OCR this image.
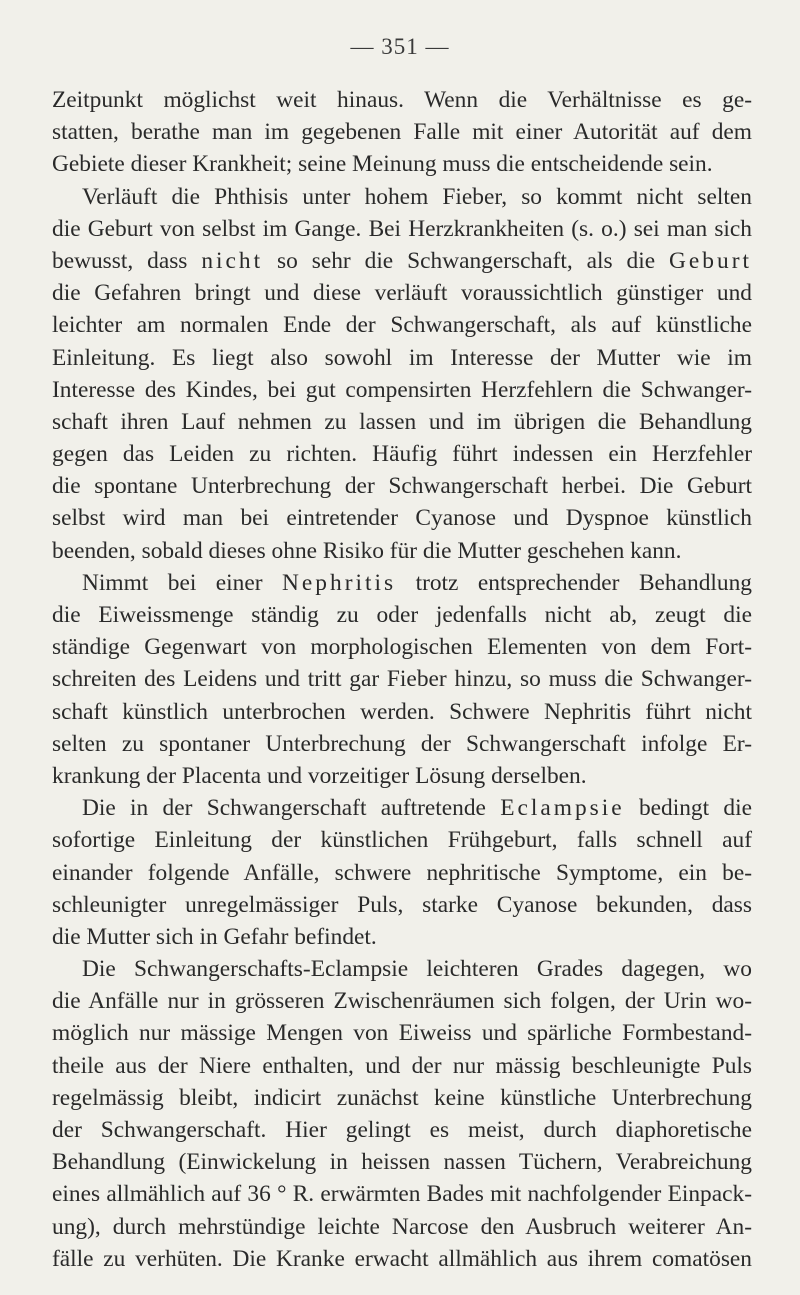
— 351 —
Zeitpunkt möglichst weit hinaus. Wenn die Verhältnisse es ge-
statten, berathe man im gegebenen Falle mit einer Autorität auf dem
Gebiete dieser Krankheit; seine Meinung muss die entscheidende sein.
Verläuft die Phthisis unter hohem Fieber, so kommt nicht selten
die Geburt von selbst im Gange. Bei Herzkrankheiten (s. o.) sei man sich
bewusst, dass nicht so sehr die Schwangerschaft, als die Geburt
die Gefahren bringt und diese verläuft voraussichtlich günstiger und
leichter am normalen Ende der Schwangerschaft, als auf künstliche
Einleitung. Es liegt also sowohl im Interesse der Mutter wie im
Interesse des Kindes, bei gut compensirten Herzfehlern die Schwanger-
schaft ihren Lauf nehmen zu lassen und im übrigen die Behandlung
gegen das Leiden zu richten. Häufig führt indessen ein Herzfehler
die spontane Unterbrechung der Schwangerschaft herbei. Die Geburt
selbst wird man bei eintretender Cyanose und Dyspnoe künstlich
beenden, sobald dieses ohne Risiko für die Mutter geschehen kann.
Nimmt bei einer Nephritis trotz entsprechender Behandlung
die Eiweissmenge ständig zu oder jedenfalls nicht ab, zeugt die
ständige Gegenwart von morphologischen Elementen von dem Fort-
schreiten des Leidens und tritt gar Fieber hinzu, so muss die Schwanger-
schaft künstlich unterbrochen werden. Schwere Nephritis führt nicht
selten zu spontaner Unterbrechung der Schwangerschaft infolge Er-
krankung der Placenta und vorzeitiger Lösung derselben.
Die in der Schwangerschaft auftretende Eclampsie bedingt die
sofortige Einleitung der künstlichen Frühgeburt, falls schnell auf
einander folgende Anfälle, schwere nephritische Symptome, ein be-
schleunigter unregelmässiger Puls, starke Cyanose bekunden, dass
die Mutter sich in Gefahr befindet.
Die Schwangerschafts-Eclampsie leichteren Grades dagegen, wo
die Anfälle nur in grösseren Zwischenräumen sich folgen, der Urin wo-
möglich nur mässige Mengen von Eiweiss und spärliche Formbestand-
theile aus der Niere enthalten, und der nur mässig beschleunigte Puls
regelmässig bleibt, indicirt zunächst keine künstliche Unterbrechung
der Schwangerschaft. Hier gelingt es meist, durch diaphoretische
Behandlung (Einwickelung in heissen nassen Tüchern, Verabreichung
eines allmählich auf 36 ° R. erwärmten Bades mit nachfolgender Einpack-
ung), durch mehrstündige leichte Narcose den Ausbruch weiterer An-
fälle zu verhüten. Die Kranke erwacht allmählich aus ihrem comatösen
